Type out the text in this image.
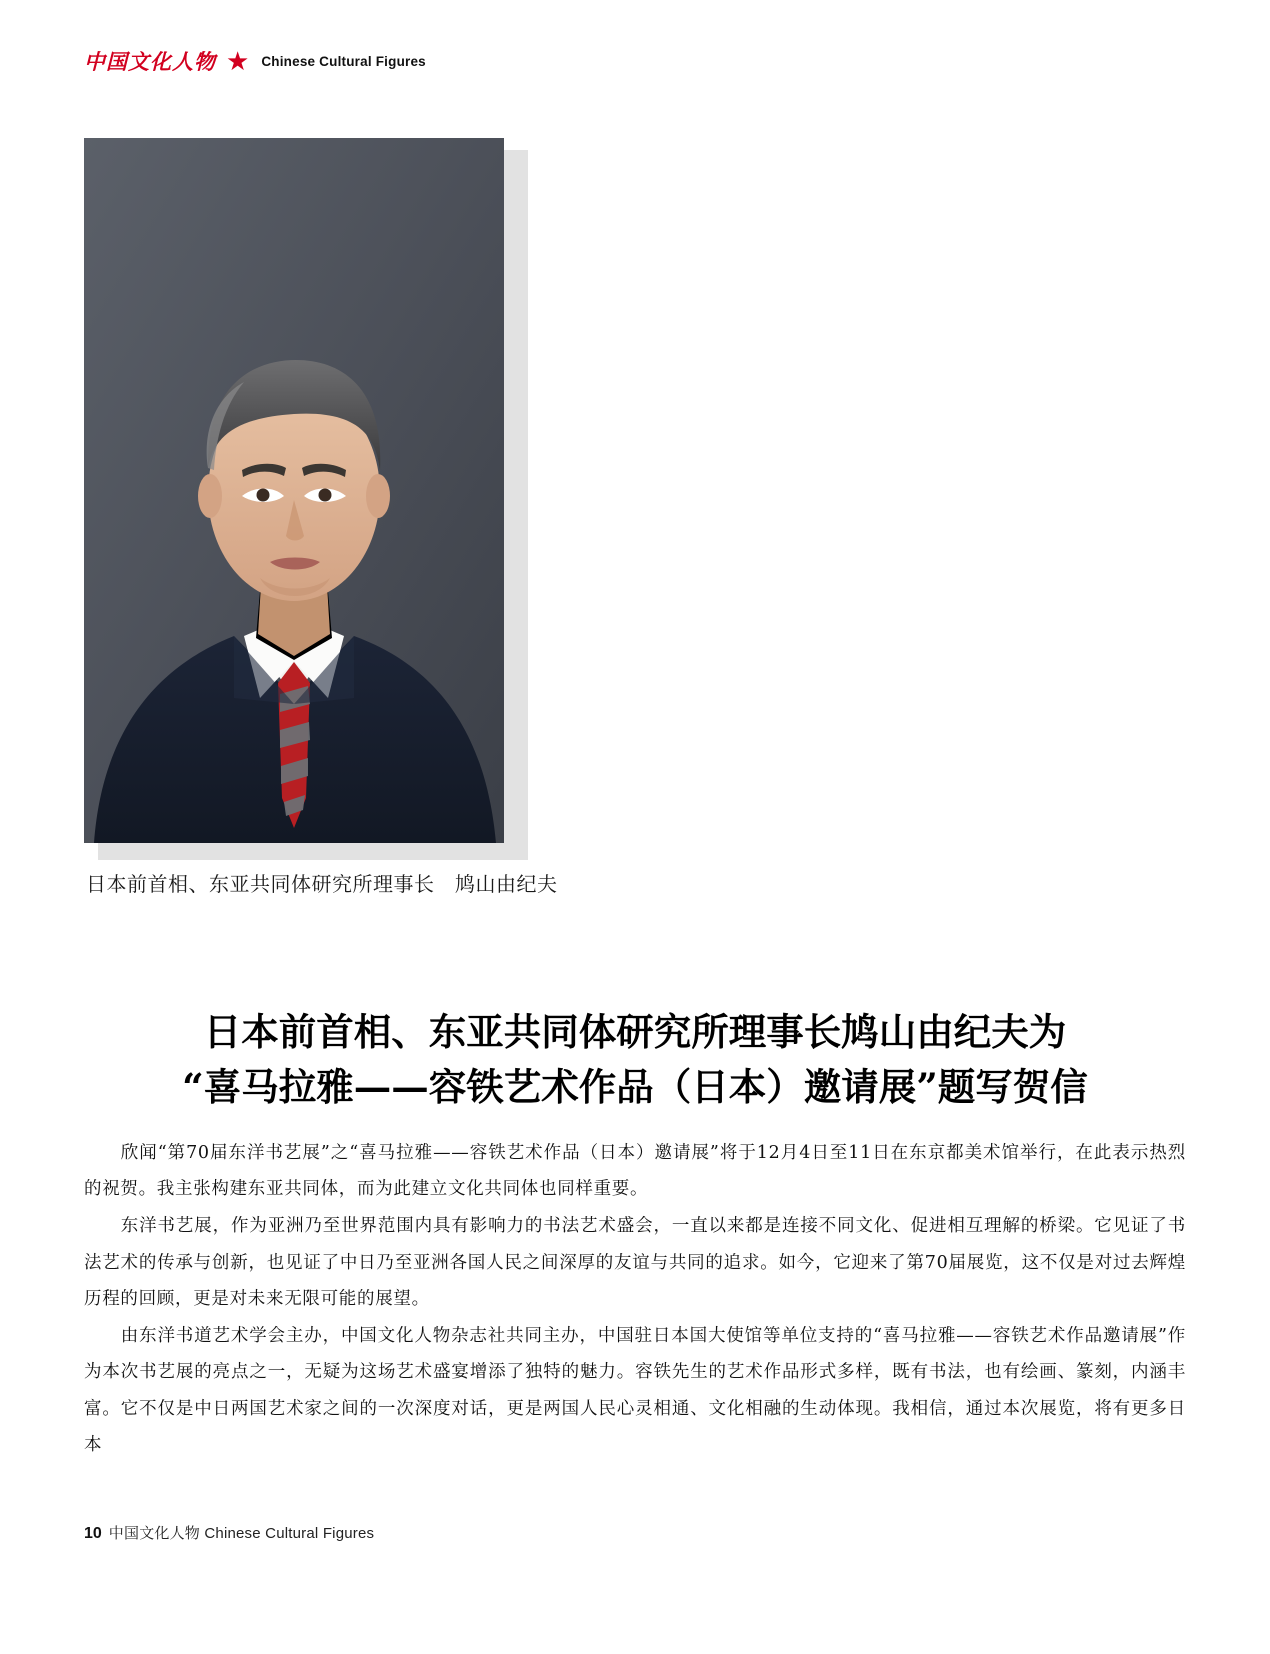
中国文化人物 ★ Chinese Cultural Figures
日本前首相、东亚共同体研究所理事长　鸠山由纪夫
日本前首相、东亚共同体研究所理事长鸠山由纪夫为
“喜马拉雅——容铁艺术作品（日本）邀请展”题写贺信

欣闻“第70届东洋书艺展”之“喜马拉雅——容铁艺术作品（日本）邀请展”将于12月4日至11日在东京都美术馆举行，在此表示热烈的祝贺。我主张构建东亚共同体，而为此建立文化共同体也同样重要。

东洋书艺展，作为亚洲乃至世界范围内具有影响力的书法艺术盛会，一直以来都是连接不同文化、促进相互理解的桥梁。它见证了书法艺术的传承与创新，也见证了中日乃至亚洲各国人民之间深厚的友谊与共同的追求。如今，它迎来了第70届展览，这不仅是对过去辉煌历程的回顾，更是对未来无限可能的展望。

由东洋书道艺术学会主办，中国文化人物杂志社共同主办，中国驻日本国大使馆等单位支持的“喜马拉雅——容铁艺术作品邀请展”作为本次书艺展的亮点之一，无疑为这场艺术盛宴增添了独特的魅力。容铁先生的艺术作品形式多样，既有书法，也有绘画、篆刻，内涵丰富。它不仅是中日两国艺术家之间的一次深度对话，更是两国人民心灵相通、文化相融的生动体现。我相信，通过本次展览，将有更多日本

10 中国文化人物 Chinese Cultural Figures
